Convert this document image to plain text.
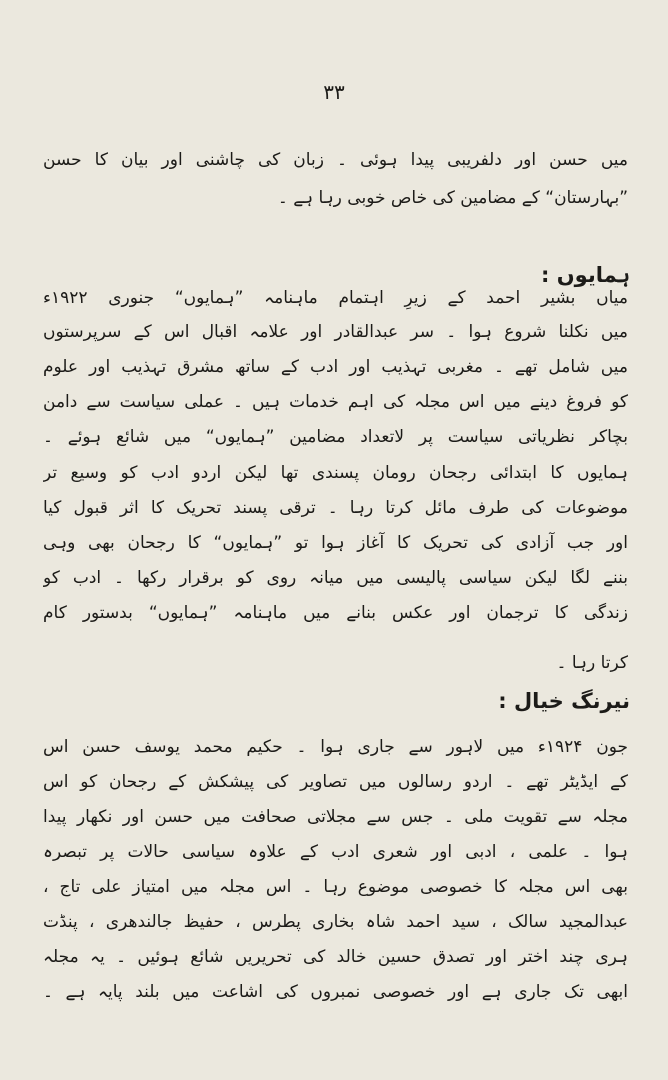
۳۳
میں حسن اور دلفریبی پیدا ہوئی ۔ زبان کی چاشنی اور بیان کا حسن
”بہارستان“ کے مضامین کی خاص خوبی رہا ہے ۔
ہمایوں :
میاں بشیر احمد کے زیرِ اہتمام ماہنامہ ”ہمایوں“ جنوری ۱۹۲۲ء
میں نکلنا شروع ہوا ۔ سر عبدالقادر اور علامہ اقبال اس کے سرپرستوں
میں شامل تھے ۔ مغربی تہذیب اور ادب کے ساتھ مشرق تہذیب اور علوم
کو فروغ دینے میں اس مجلہ کی اہم خدمات ہیں ۔ عملی سیاست سے دامن
بچاکر نظریاتی سیاست پر لاتعداد مضامین ”ہمایوں“ میں شائع ہوئے ۔
ہمایوں کا ابتدائی رجحان رومان پسندی تھا لیکن اردو ادب کو وسیع تر
موضوعات کی طرف مائل کرتا رہا ۔ ترقی پسند تحریک کا اثر قبول کیا
اور جب آزادی کی تحریک کا آغاز ہوا تو ”ہمایوں“ کا رجحان بھی وہی
بننے لگا لیکن سیاسی پالیسی میں میانہ روی کو برقرار رکھا ۔ ادب کو
زندگی کا ترجمان اور عکس بنانے میں ماہنامہ ”ہمایوں“ بدستور کام
کرتا رہا ۔
نیرنگ خیال :
جون ۱۹۲۴ء میں لاہور سے جاری ہوا ۔ حکیم محمد یوسف حسن اس
کے ایڈیٹر تھے ۔ اردو رسالوں میں تصاویر کی پیشکش کے رجحان کو اس
مجلہ سے تقویت ملی ۔ جس سے مجلاتی صحافت میں حسن اور نکھار پیدا
ہوا ۔ علمی ، ادبی اور شعری ادب کے علاوہ سیاسی حالات پر تبصرہ
بھی اس مجلہ کا خصوصی موضوع رہا ۔ اس مجلہ میں امتیاز علی تاج ،
عبدالمجید سالک ، سید احمد شاہ بخاری پطرس ، حفیظ جالندھری ، پنڈت
ہری چند اختر اور تصدق حسین خالد کی تحریریں شائع ہوئیں ۔ یہ مجلہ
ابھی تک جاری ہے اور خصوصی نمبروں کی اشاعت میں بلند پایہ ہے ۔
